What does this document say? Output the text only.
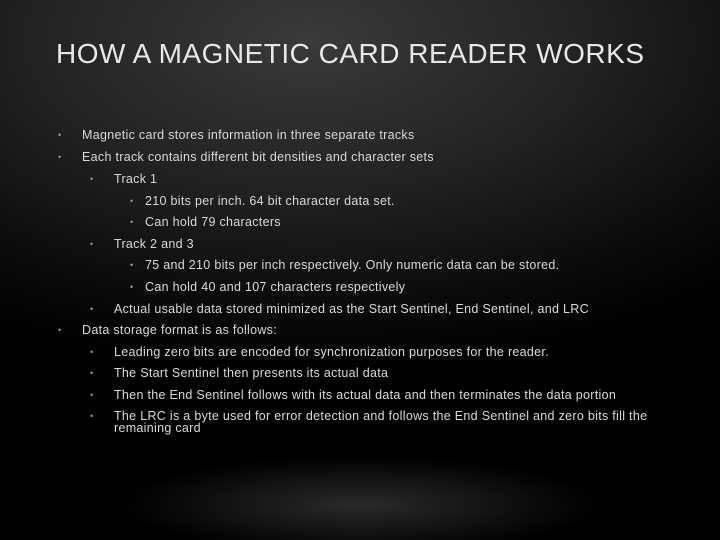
HOW A MAGNETIC CARD READER WORKS
• Magnetic card stores information in three separate tracks
• Each track contains different bit densities and character sets
• Track 1
• 210 bits per inch. 64 bit character data set.
• Can hold 79 characters
• Track 2 and 3
• 75 and 210 bits per inch respectively. Only numeric data can be stored.
• Can hold 40 and 107 characters respectively
• Actual usable data stored minimized as the Start Sentinel, End Sentinel, and LRC
• Data storage format is as follows:
• Leading zero bits are encoded for synchronization purposes for the reader.
• The Start Sentinel then presents its actual data
• Then the End Sentinel follows with its actual data and then terminates the data portion
• The LRC is a byte used for error detection and follows the End Sentinel and zero bits fill the remaining card
